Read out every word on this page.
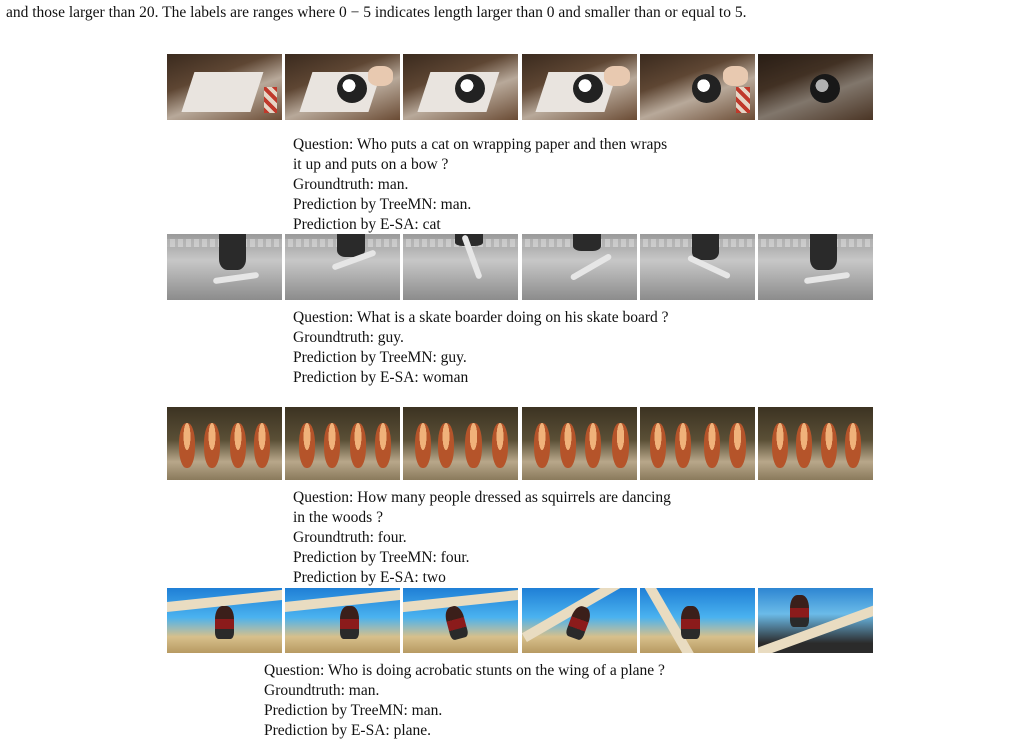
and those larger than 20. The labels are ranges where 0 − 5 indicates length larger than 0 and smaller than or equal to 5.
Question: Who puts a cat on wrapping paper and then wraps
it up and puts on a bow ?
Groundtruth: man.
Prediction by TreeMN: man.
Prediction by E-SA: cat
Question: What is a skate boarder doing on his skate board ?
Groundtruth: guy.
Prediction by TreeMN: guy.
Prediction by E-SA: woman
Question: How many people dressed as squirrels are dancing
in the woods ?
Groundtruth: four.
Prediction by TreeMN: four.
Prediction by E-SA: two
Question: Who is doing acrobatic stunts on the wing of a plane ?
Groundtruth: man.
Prediction by TreeMN: man.
Prediction by E-SA: plane.
